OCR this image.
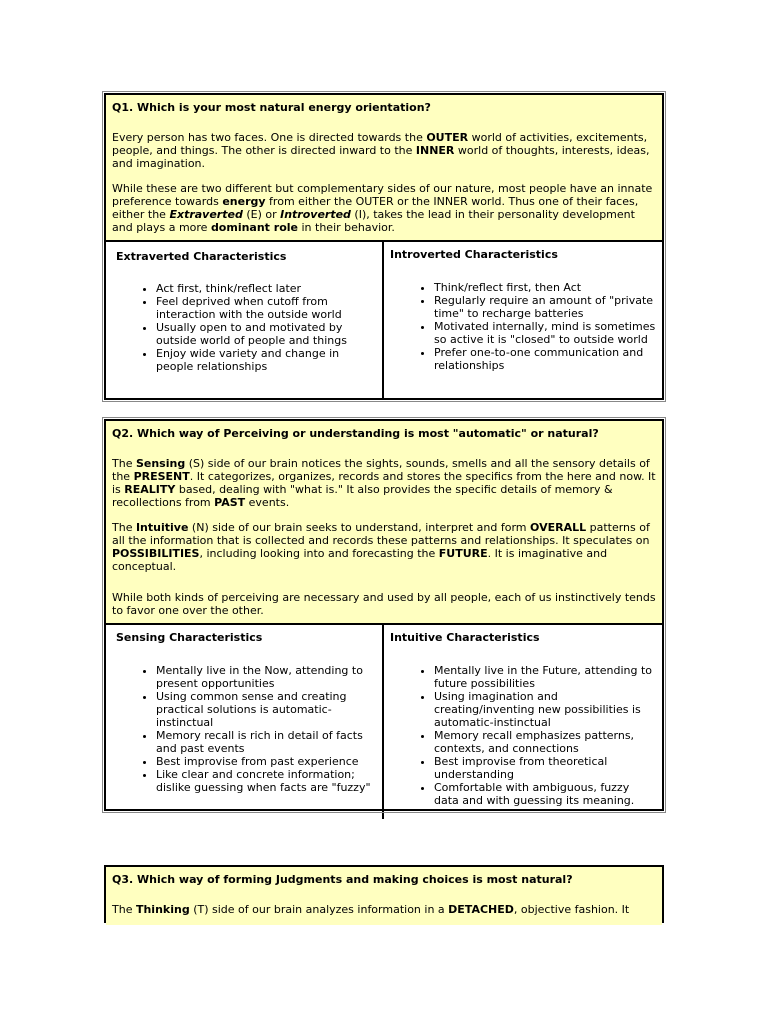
Q1. Which is your most natural energy orientation?

Every person has two faces. One is directed towards the OUTER world of activities, excitements, people, and things. The other is directed inward to the INNER world of thoughts, interests, ideas, and imagination.

While these are two different but complementary sides of our nature, most people have an innate preference towards energy from either the OUTER or the INNER world. Thus one of their faces, either the Extraverted (E) or Introverted (I), takes the lead in their personality development and plays a more dominant role in their behavior.

Extraverted Characteristics
• Act first, think/reflect later
• Feel deprived when cutoff from interaction with the outside world
• Usually open to and motivated by outside world of people and things
• Enjoy wide variety and change in people relationships
Introverted Characteristics
• Think/reflect first, then Act
• Regularly require an amount of "private time" to recharge batteries
• Motivated internally, mind is sometimes so active it is "closed" to outside world
• Prefer one-to-one communication and relationships
Q2. Which way of Perceiving or understanding is most "automatic" or natural?

The Sensing (S) side of our brain notices the sights, sounds, smells and all the sensory details of the PRESENT. It categorizes, organizes, records and stores the specifics from the here and now. It is REALITY based, dealing with "what is." It also provides the specific details of memory & recollections from PAST events.

The Intuitive (N) side of our brain seeks to understand, interpret and form OVERALL patterns of all the information that is collected and records these patterns and relationships. It speculates on POSSIBILITIES, including looking into and forecasting the FUTURE. It is imaginative and conceptual.

While both kinds of perceiving are necessary and used by all people, each of us instinctively tends to favor one over the other.

Sensing Characteristics
• Mentally live in the Now, attending to present opportunities
• Using common sense and creating practical solutions is automatic-instinctual
• Memory recall is rich in detail of facts and past events
• Best improvise from past experience
• Like clear and concrete information; dislike guessing when facts are "fuzzy"
Intuitive Characteristics
• Mentally live in the Future, attending to future possibilities
• Using imagination and creating/inventing new possibilities is automatic-instinctual
• Memory recall emphasizes patterns, contexts, and connections
• Best improvise from theoretical understanding
• Comfortable with ambiguous, fuzzy data and with guessing its meaning.
Q3. Which way of forming Judgments and making choices is most natural?

The Thinking (T) side of our brain analyzes information in a DETACHED, objective fashion. It
